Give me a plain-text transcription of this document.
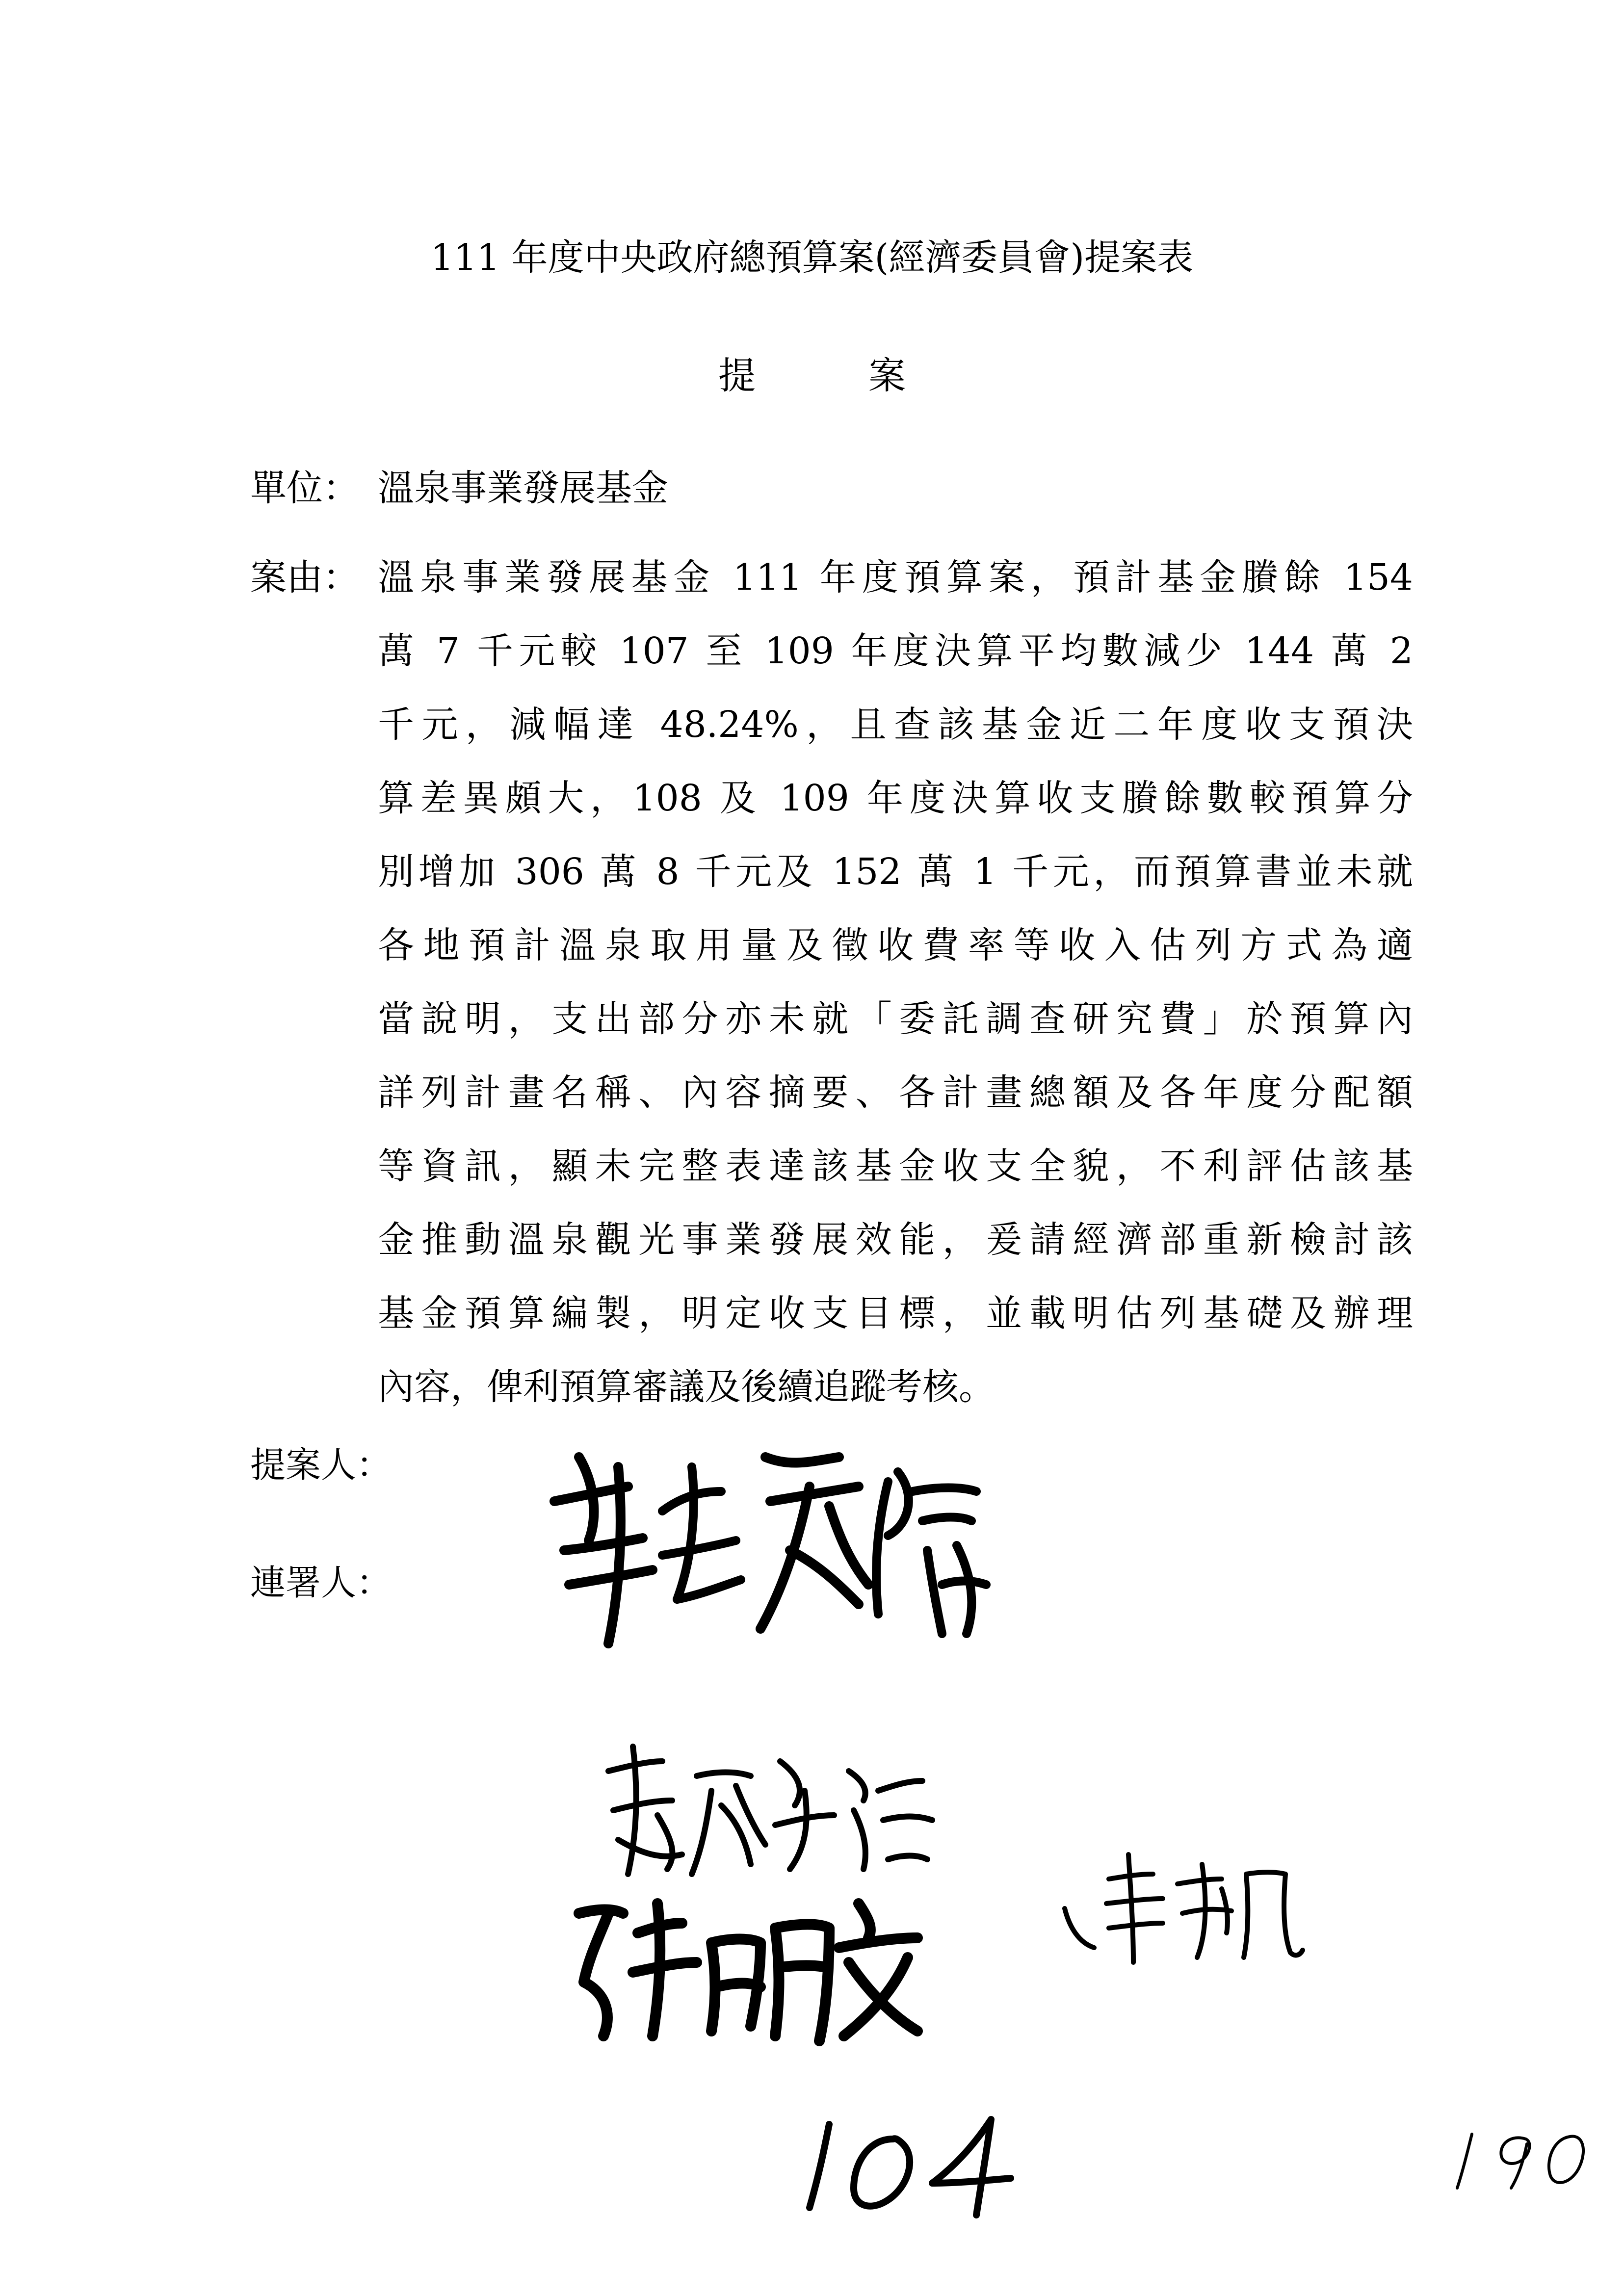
111 年度中央政府總預算案(經濟委員會)提案表
提	案
單位： 溫泉事業發展基金
案由： 溫泉事業發展基金 111 年度預算案，預計基金賸餘 154
萬 7 千元較 107 至 109 年度決算平均數減少 144 萬 2
千元，減幅達 48.24%，且查該基金近二年度收支預決
算差異頗大，108 及 109 年度決算收支賸餘數較預算分
別增加 306 萬 8 千元及 152 萬 1 千元，而預算書並未就
各地預計溫泉取用量及徵收費率等收入估列方式為適
當說明，支出部分亦未就「委託調查研究費」於預算內
詳列計畫名稱、內容摘要、各計畫總額及各年度分配額
等資訊，顯未完整表達該基金收支全貌，不利評估該基
金推動溫泉觀光事業發展效能，爰請經濟部重新檢討該
基金預算編製，明定收支目標，並載明估列基礎及辦理
內容，俾利預算審議及後續追蹤考核。
提案人：
連署人：
